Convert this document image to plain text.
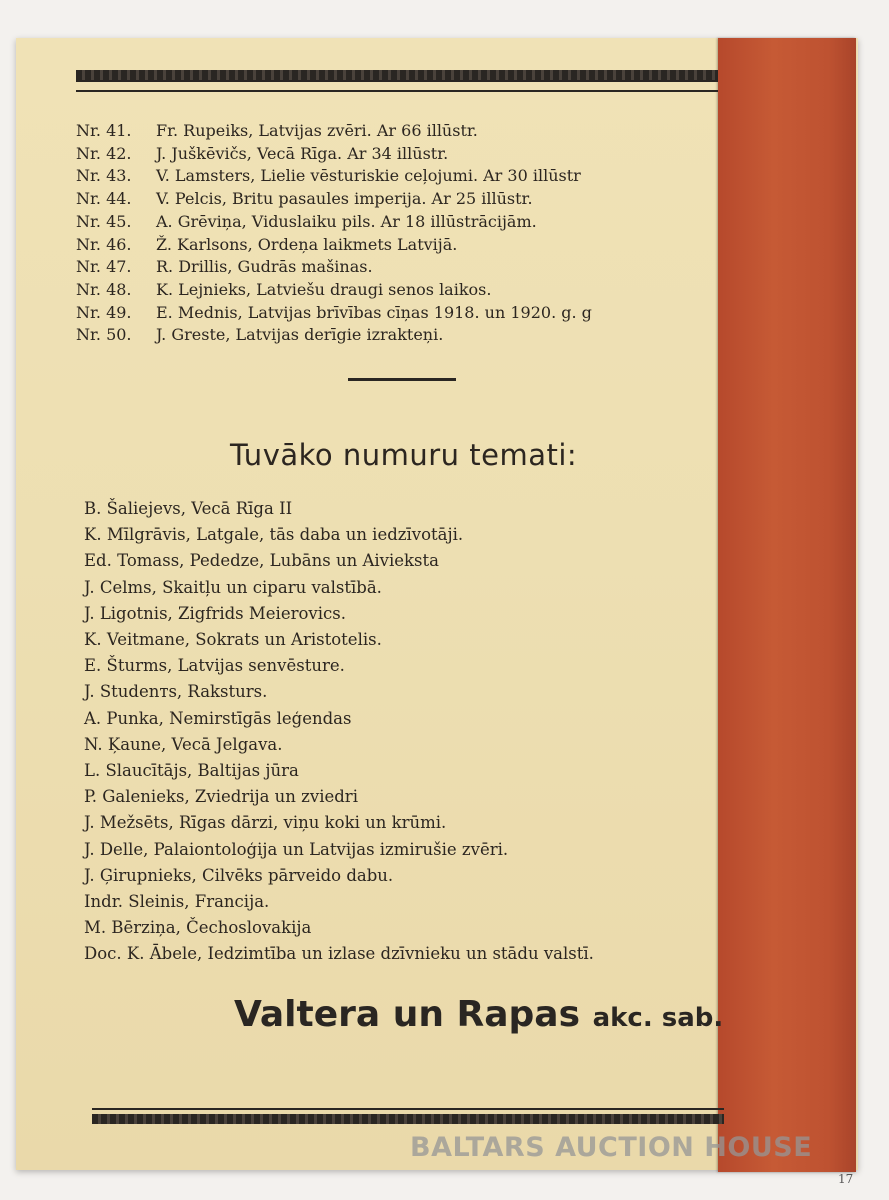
17
Nr. 41. Fr. Rupeiks, Latvijas zvēri. Ar 66 illūstr.
Nr. 42. J. Juškēvičs, Vecā Rīga. Ar 34 illūstr.
Nr. 43. V. Lamsters, Lielie vēsturiskie ceļojumi. Ar 30 illūstr
Nr. 44. V. Pelcis, Britu pasaules imperija. Ar 25 illūstr.
Nr. 45. A. Grēviņa, Viduslaiku pils. Ar 18 illūstrācijām.
Nr. 46. Ž. Karlsons, Ordeņa laikmets Latvijā.
Nr. 47. R. Drillis, Gudrās mašinas.
Nr. 48. K. Lejnieks, Latviešu draugi senos laikos.
Nr. 49. E. Mednis, Latvijas brīvības cīņas 1918. un 1920. g. g
Nr. 50. J. Greste, Latvijas derīgie izrakteņi.
Tuvāko numuru temati:
B. Šaliejevs, Vecā Rīga II
K. Mīlgrāvis, Latgale, tās daba un iedzīvotāji.
Ed. Tomass, Pededze, Lubāns un Aiviekstа
J. Celms, Skaitļu un ciparu valstībā.
J. Ligotnis, Zigfrids Meierovics.
K. Veitmane, Sokrats un Aristotelis.
E. Šturms, Latvijas senvēsture.
J. Studenтs, Raksturs.
A. Punka, Nemirstīgās leģendas
N. Ķaune, Vecā Jelgava.
L. Slaucītājs, Baltijas jūra
P. Galenieks, Zviedrija un zviedri
J. Mežsēts, Rīgas dārzi, viņu koki un krūmi.
J. Delle, Palaiontoloģija un Latvijas izmirušie zvēri.
J. Ģirupnieks, Cilvēks pārveido dabu.
Indr. Sleinis, Francija.
M. Bērziņa, Čechoslovakija
Doc. K. Ābele, Iedzimtība un izlase dzīvnieku un stādu valstī.
Valtera un Rapas akc. sab.
BALTARS AUCTION HOUSE
